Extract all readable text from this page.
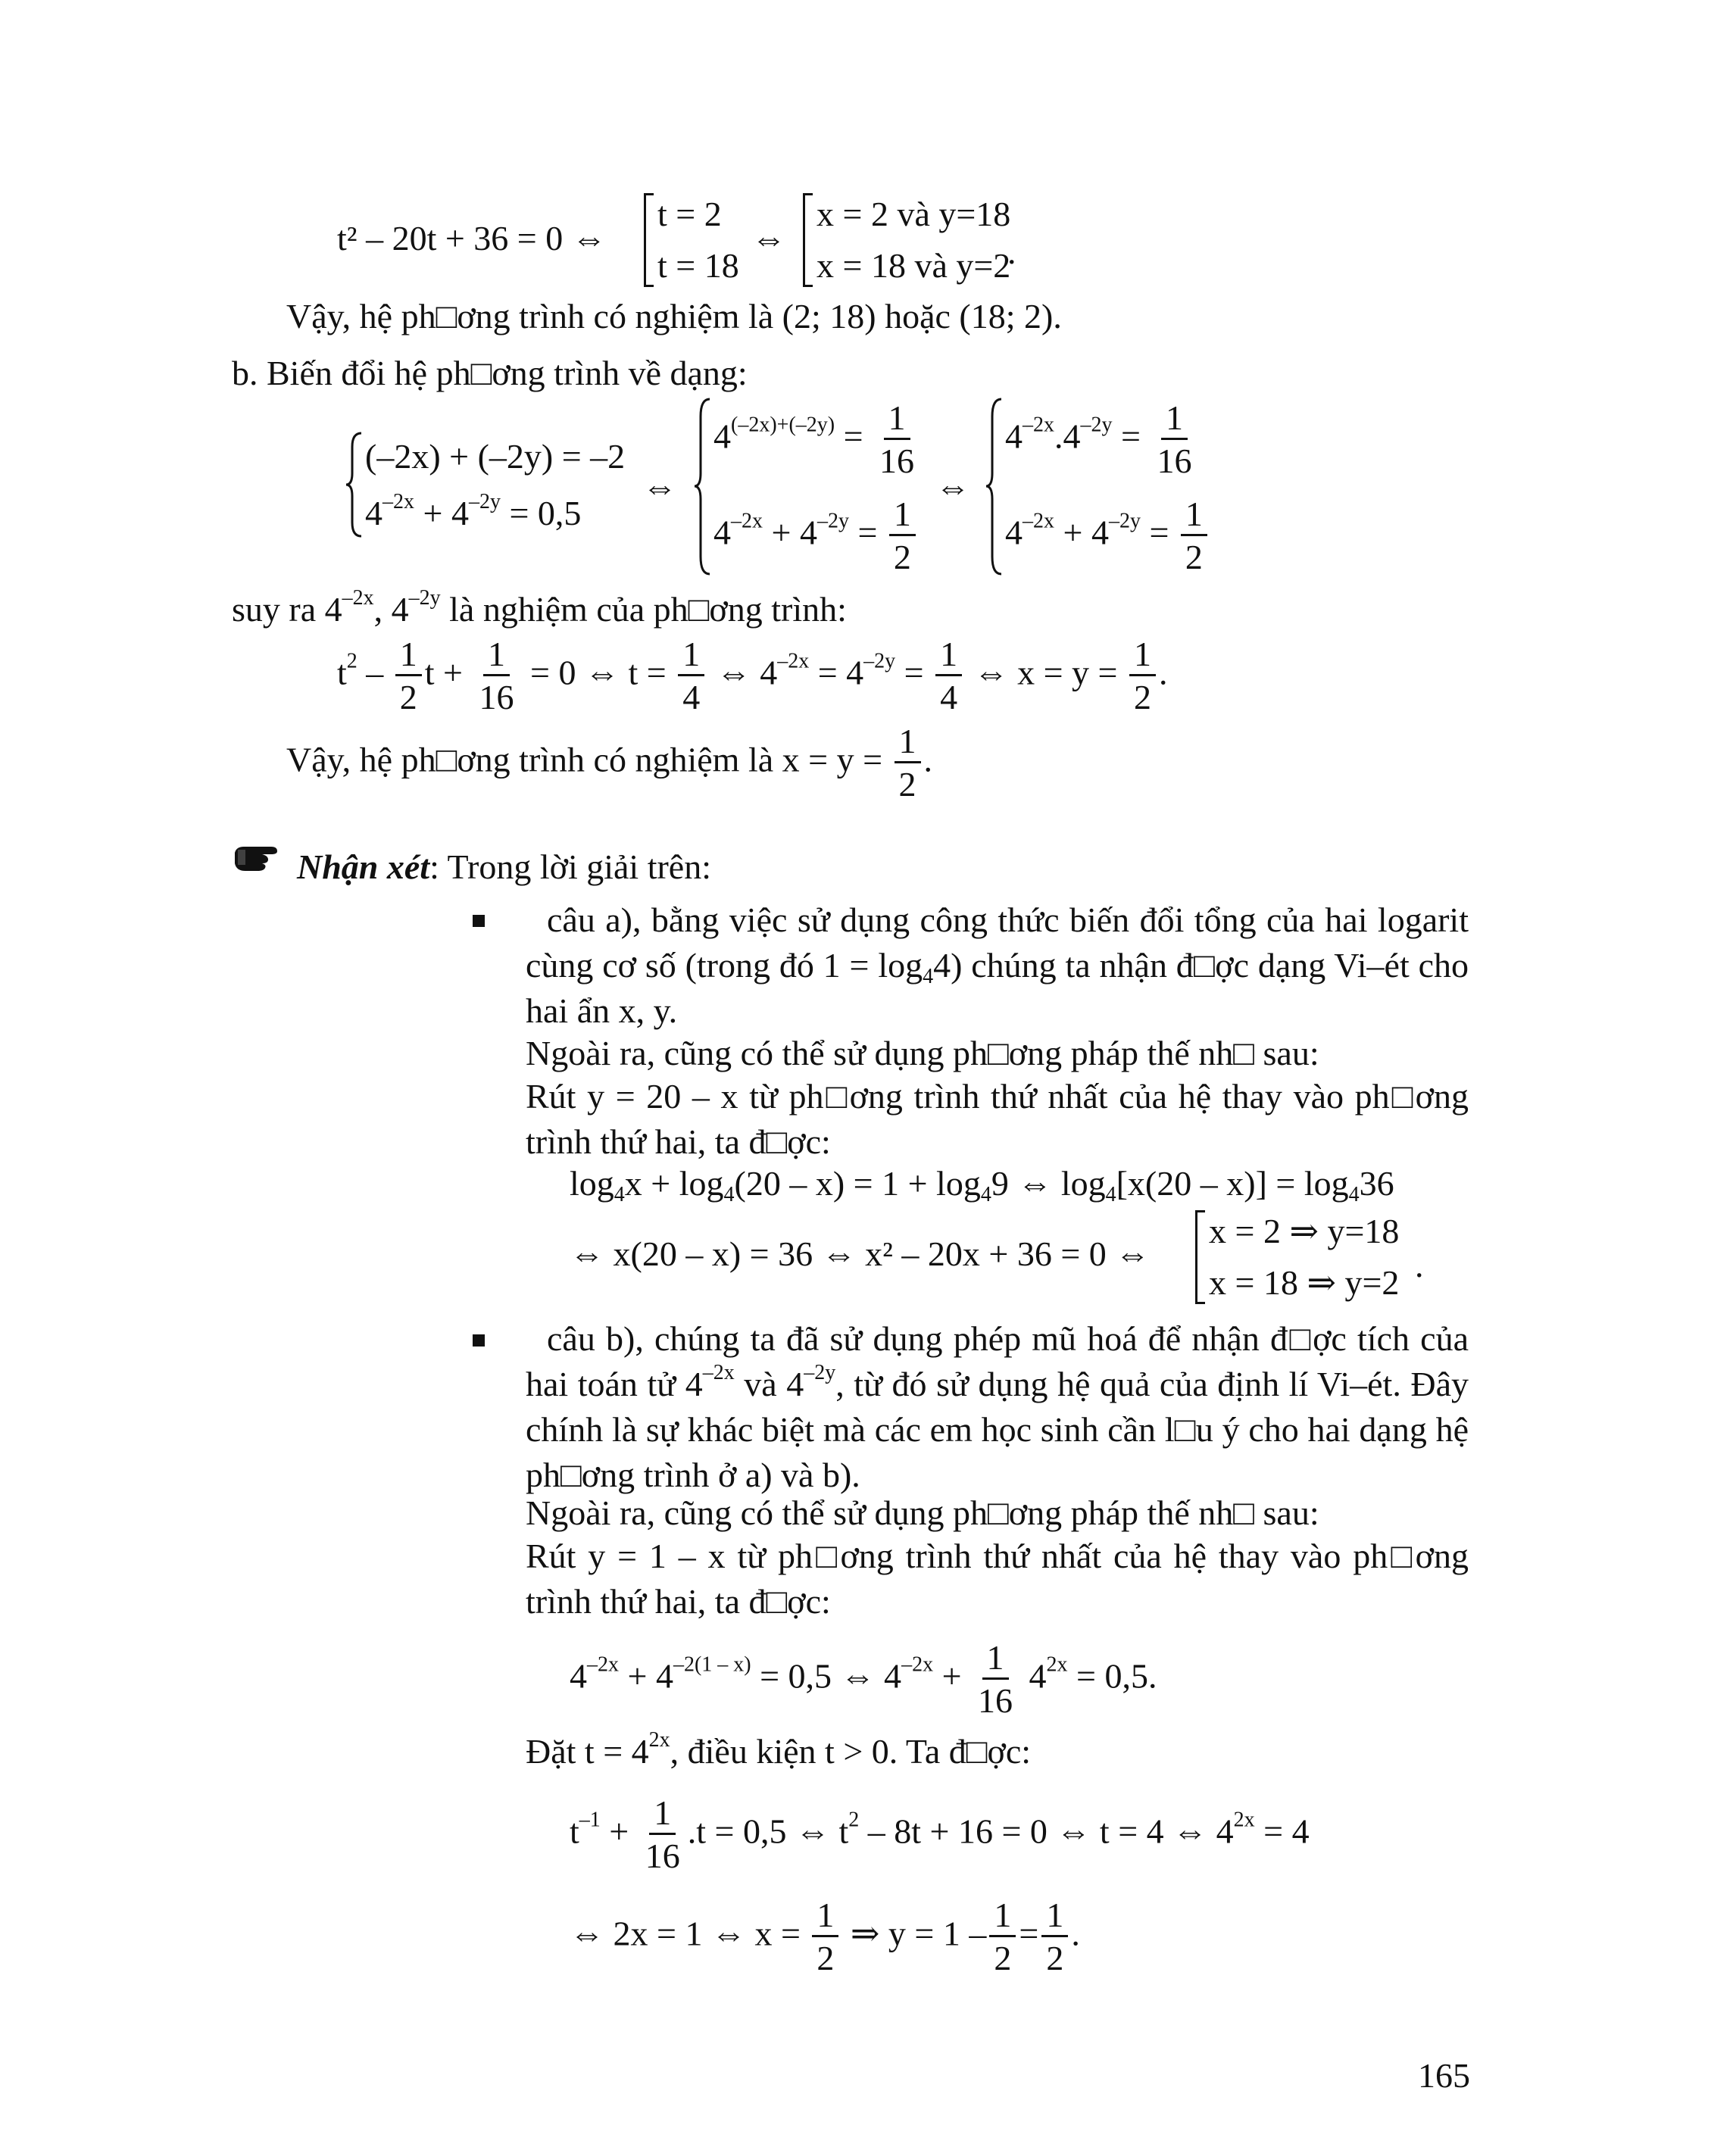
t² – 20t + 36 = 0 ⇔
t = 2
t = 18
⇔
x = 2 và y=18
x = 18 và y=2
.
Vậy, hệ ph□ơng trình có nghiệm là (2; 18) hoặc (18; 2).
b. Biến đổi hệ ph□ơng trình về dạng:
(–2x) + (–2y) = –2
$4^{-2x} + 4^{-2y} = 0,5$
⇔
$4^{(-2x)+(-2y)} = \frac{1}{16}$
$4^{-2x} + 4^{-2y} = \frac{1}{2}$
⇔
$4^{-2x}.4^{-2y} = \frac{1}{16}$
$4^{-2x} + 4^{-2y} = \frac{1}{2}$
suy ra $4^{-2x}$, $4^{-2y}$ là nghiệm của ph□ơng trình:
$t^2 - \frac{1}{2}$ $t + \frac{1}{16} = 0$ ⇔ $t = \frac{1}{4}$ ⇔ $4^{-2x} = 4^{-2y} = \frac{1}{4}$ ⇔ $x = y = \frac{1}{2}$ .
Vậy, hệ ph□ơng trình có nghiệm là $x = y = \frac{1}{2}$ .
Nhận xét: Trong lời giải trên:
câu a), bằng việc sử dụng công thức biến đổi tổng của hai logarit cùng cơ số (trong đó $1 = \log_44$) chúng ta nhận đ□ợc dạng Vi–ét cho hai ẩn x, y.
Ngoài ra, cũng có thể sử dụng ph□ơng pháp thế nh□ sau:
Rút y = 20 – x từ ph□ơng trình thứ nhất của hệ thay vào ph□ơng trình thứ hai, ta đ□ợc:
$\log_4x + \log_4(20 - x) = 1 + \log_49$ ⇔ $\log_4[x(20 - x)] = \log_436$
⇔ x(20 – x) = 36 ⇔ x² – 20x + 36 = 0 ⇔
x = 2 ⇒ y=18
x = 18 ⇒ y=2 .
câu b), chúng ta đã sử dụng phép mũ hoá để nhận đ□ợc tích của hai toán tử $4^{-2x}$ và $4^{-2y}$, từ đó sử dụng hệ quả của định lí Vi–ét. Đây chính là sự khác biệt mà các em học sinh cần l□u ý cho hai dạng hệ ph□ơng trình ở a) và b).
Ngoài ra, cũng có thể sử dụng ph□ơng pháp thế nh□ sau:
Rút y = 1 – x từ ph□ơng trình thứ nhất của hệ thay vào ph□ơng trình thứ hai, ta đ□ợc:
$4^{-2x} + 4^{-2(1 - x)} = 0,5$ ⇔ $4^{-2x} + \frac{1}{16} 4^{2x} = 0,5$.
Đặt $t = 4^{2x}$, điều kiện t > 0. Ta đ□ợc:
$t^{-1} + \frac{1}{16} .t = 0,5$ ⇔ $t^2 - 8t + 16 = 0$ ⇔ t = 4 ⇔ $4^{2x} = 4$
⇔ 2x = 1 ⇔ $x = \frac{1}{2}$ ⇒ $y = 1 - \frac{1}{2} = \frac{1}{2}$ .
165
